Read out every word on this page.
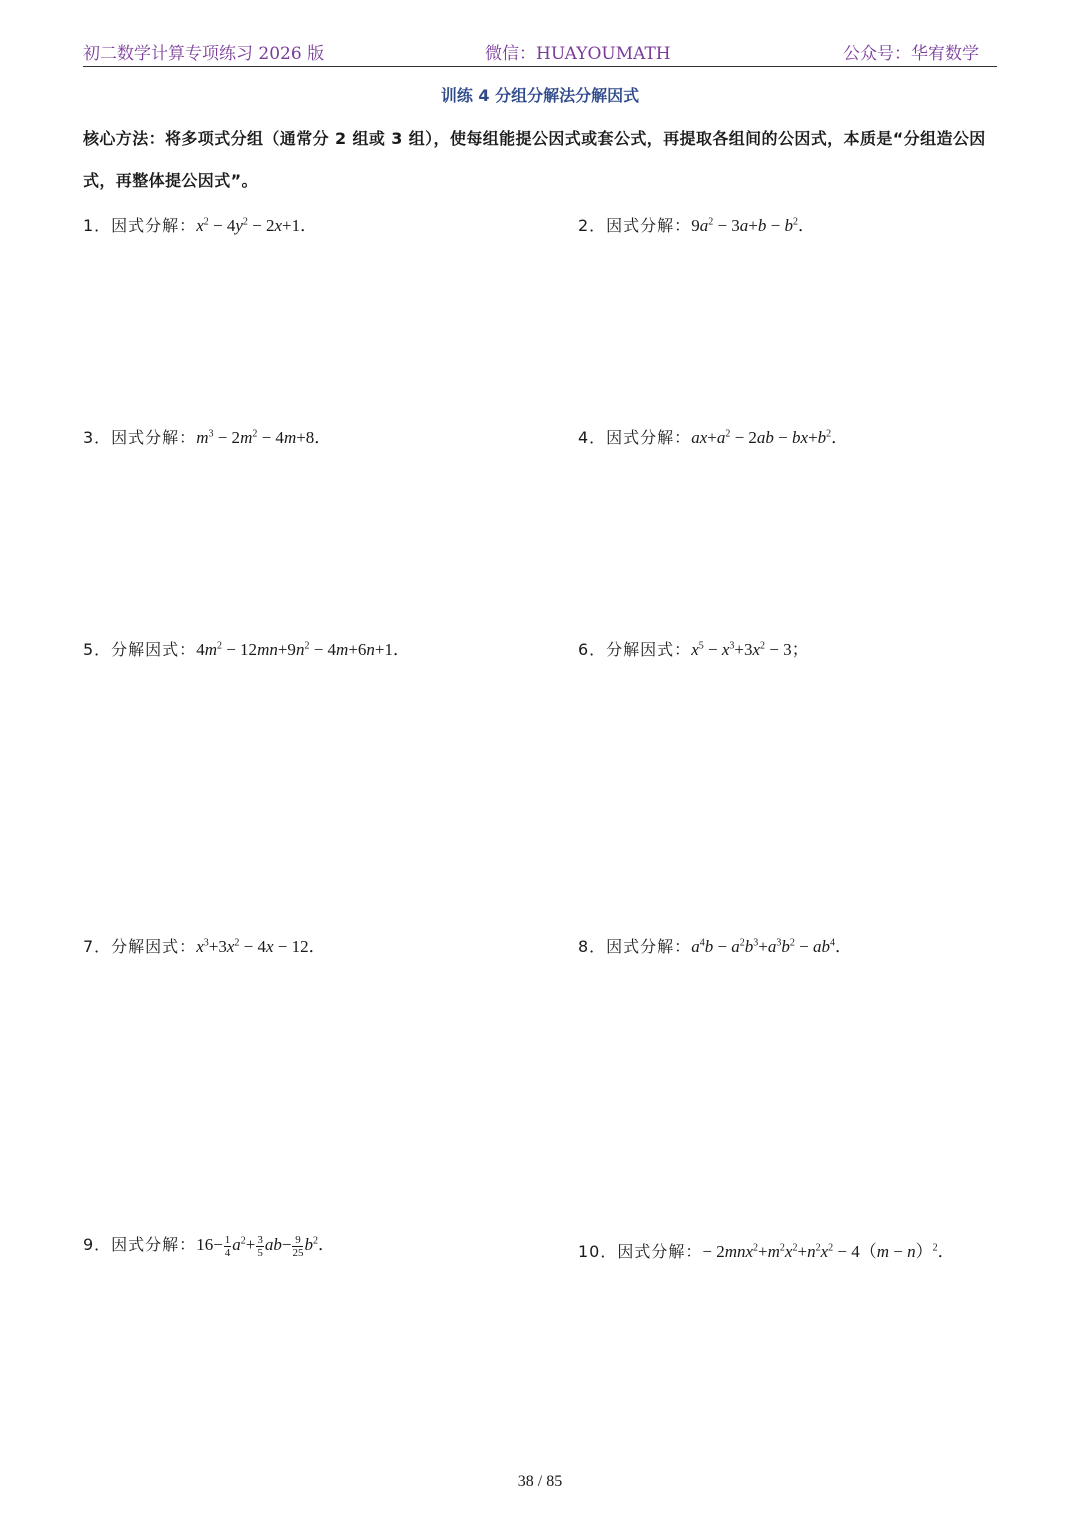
初二数学计算专项练习 2026 版	微信：HUAYOUMATH	公众号：华宥数学
训练 4 分组分解法分解因式
核心方法：将多项式分组（通常分 2 组或 3 组），使每组能提公因式或套公式，再提取各组间的公因式，本质是“分组造公因式，再整体提公因式”。
1．因式分解：$x^2 - 4y^2 - 2x+1$．	2．因式分解：$9a^2 - 3a+b - b^2$．
3．因式分解：$m^3 - 2m^2 - 4m+8$．	4．因式分解：$ax+a^2 - 2ab - bx+b^2$．
5．分解因式：$4m^2 - 12mn+9n^2 - 4m+6n+1$．	6．分解因式：$x^5 - x^3+3x^2 - 3$；
7．分解因式：$x^3+3x^2 - 4x - 12$．	8．因式分解：$a^4b - a^2b^3+a^3b^2 - ab^4$．
9．因式分解：$16- \frac{1}{4} a^2+ \frac{3}{5} ab- \frac{9}{25} b^2$．	10．因式分解：− $2mnx^2+m^2x^2+n^2x^2 - 4(m - n)^2$．
38 / 85
